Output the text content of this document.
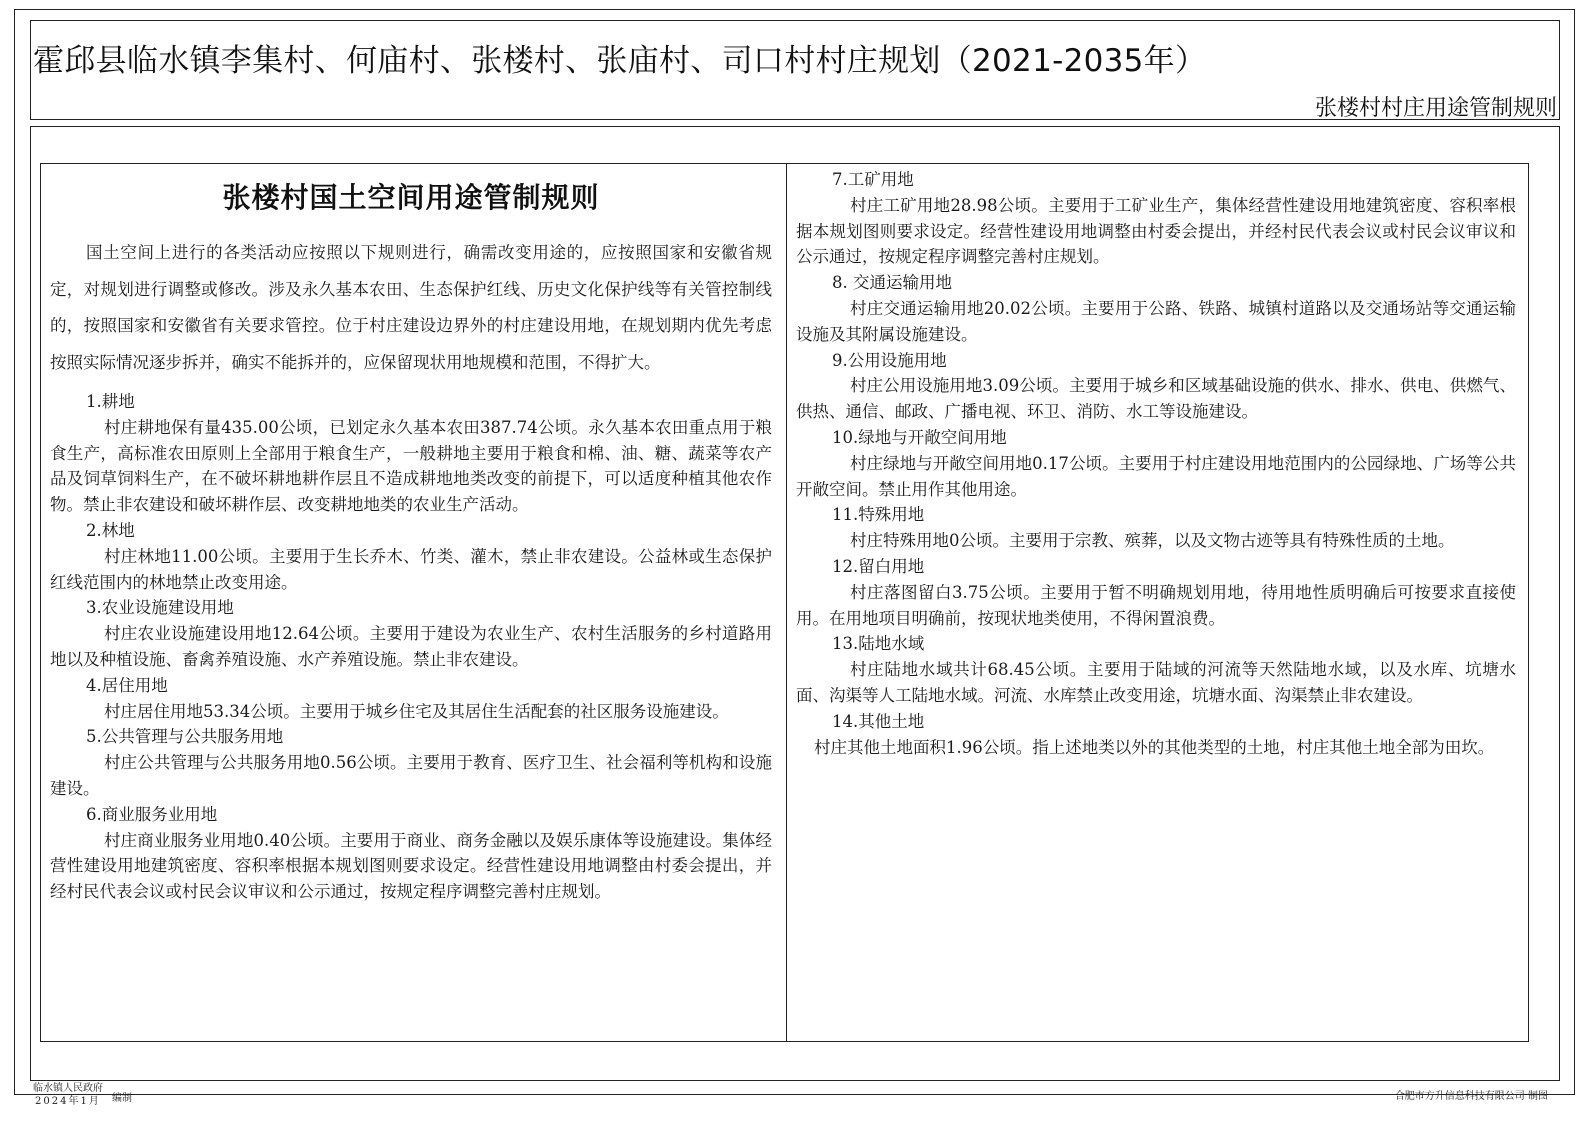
霍邱县临水镇李集村、何庙村、张楼村、张庙村、司口村村庄规划（2021-2035年）
张楼村村庄用途管制规则
张楼村国土空间用途管制规则

国土空间上进行的各类活动应按照以下规则进行，确需改变用途的，应按照国家和安徽省规定，对规划进行调整或修改。涉及永久基本农田、生态保护红线、历史文化保护线等有关管控制线的，按照国家和安徽省有关要求管控。位于村庄建设边界外的村庄建设用地，在规划期内优先考虑按照实际情况逐步拆并，确实不能拆并的，应保留现状用地规模和范围，不得扩大。

1.耕地
村庄耕地保有量435.00公顷，已划定永久基本农田387.74公顷。永久基本农田重点用于粮食生产，高标准农田原则上全部用于粮食生产，一般耕地主要用于粮食和棉、油、糖、蔬菜等农产品及饲草饲料生产，在不破坏耕地耕作层且不造成耕地地类改变的前提下，可以适度种植其他农作物。禁止非农建设和破坏耕作层、改变耕地地类的农业生产活动。
2.林地
村庄林地11.00公顷。主要用于生长乔木、竹类、灌木，禁止非农建设。公益林或生态保护红线范围内的林地禁止改变用途。
3.农业设施建设用地
村庄农业设施建设用地12.64公顷。主要用于建设为农业生产、农村生活服务的乡村道路用地以及种植设施、畜禽养殖设施、水产养殖设施。禁止非农建设。
4.居住用地
村庄居住用地53.34公顷。主要用于城乡住宅及其居住生活配套的社区服务设施建设。
5.公共管理与公共服务用地
村庄公共管理与公共服务用地0.56公顷。主要用于教育、医疗卫生、社会福利等机构和设施建设。
6.商业服务业用地
村庄商业服务业用地0.40公顷。主要用于商业、商务金融以及娱乐康体等设施建设。集体经营性建设用地建筑密度、容积率根据本规划图则要求设定。经营性建设用地调整由村委会提出，并经村民代表会议或村民会议审议和公示通过，按规定程序调整完善村庄规划。
7.工矿用地
村庄工矿用地28.98公顷。主要用于工矿业生产，集体经营性建设用地建筑密度、容积率根据本规划图则要求设定。经营性建设用地调整由村委会提出，并经村民代表会议或村民会议审议和公示通过，按规定程序调整完善村庄规划。
8. 交通运输用地
村庄交通运输用地20.02公顷。主要用于公路、铁路、城镇村道路以及交通场站等交通运输设施及其附属设施建设。
9.公用设施用地
村庄公用设施用地3.09公顷。主要用于城乡和区域基础设施的供水、排水、供电、供燃气、供热、通信、邮政、广播电视、环卫、消防、水工等设施建设。
10.绿地与开敞空间用地
村庄绿地与开敞空间用地0.17公顷。主要用于村庄建设用地范围内的公园绿地、广场等公共开敞空间。禁止用作其他用途。
11.特殊用地
村庄特殊用地0公顷。主要用于宗教、殡葬，以及文物古迹等具有特殊性质的土地。
12.留白用地
村庄落图留白3.75公顷。主要用于暂不明确规划用地，待用地性质明确后可按要求直接使用。在用地项目明确前，按现状地类使用，不得闲置浪费。
13.陆地水域
村庄陆地水域共计68.45公顷。主要用于陆域的河流等天然陆地水域，以及水库、坑塘水面、沟渠等人工陆地水域。河流、水库禁止改变用途，坑塘水面、沟渠禁止非农建设。
14.其他土地
村庄其他土地面积1.96公顷。指上述地类以外的其他类型的土地，村庄其他土地全部为田坎。
临水镇人民政府
2024年1月 编制	合肥市方升信息科技有限公司 制图
